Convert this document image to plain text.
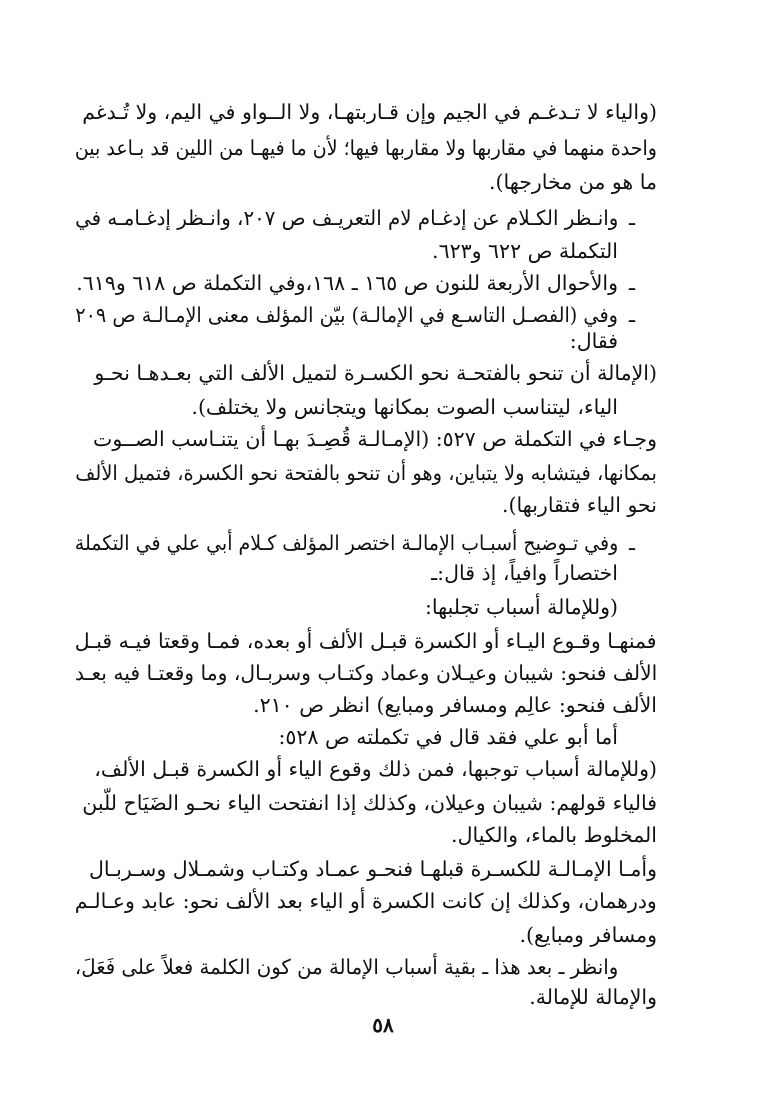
(والياء لا تـدغـم في الجيم وإن قـاربتهـا، ولا الــواو في اليم، ولا تُـدغم
واحدة منهما في مقاربها ولا مقاربها فيها؛ لأن ما فيهـا من اللين قد بـاعد بين
ما هو من مخارجها).
ـ
وانـظر الكـلام عن إدغـام لام التعريـف ص ٢٠٧، وانـظر إدغـامـه في
التكملة ص ٦٢٢ و٦٢٣.
ـ
والأحوال الأربعة للنون ص ١٦٥ ـ ١٦٨،وفي التكملة ص ٦١٨ و٦١٩.
ـ
وفي (الفصـل التاسـع في الإمالـة) بيّن المؤلف معنى الإمـالـة ص ٢٠٩
فقال:
(الإمالة أن تنحو بالفتحـة نحو الكسـرة لتميل الألف التي بعـدهـا نحـو
الياء، ليتناسب الصوت بمكانها ويتجانس ولا يختلف).
وجـاء في التكملة ص ٥٢٧: (الإمـالـة قُصِـدَ بهـا أن يتنـاسب الصــوت
بمكانها، فيتشابه ولا يتباين، وهو أن تنحو بالفتحة نحو الكسرة، فتميل الألف
نحو الياء فتقاربها).
ـ
وفي تـوضيح أسبـاب الإمالـة اختصر المؤلف كـلام أبي علي في التكملة
اختصاراً وافياً، إذ قال:ـ
(وللإمالة أسباب تجلبها:
فمنهـا وقـوع اليـاء أو الكسرة قبـل الألف أو بعده، فمـا وقعتا فيـه قبـل
الألف فنحو: شيبان وعيـلان وعماد وكتـاب وسربـال، وما وقعتـا فيه بعـد
الألف فنحو: عالِم ومسافر ومبايع) انظر ص ٢١٠.
أما أبو علي فقد قال في تكملته ص ٥٢٨:
(وللإمالة أسباب توجبها، فمن ذلك وقوع الياء أو الكسرة قبـل الألف،
فالياء قولهم: شيبان وعيلان، وكذلك إذا انفتحت الياء نحـو الضَيَاح للّبن
المخلوط بالماء، والكيال.
وأمـا الإمـالـة للكسـرة قبلهـا فنحـو عمـاد وكتـاب وشمـلال وسـربـال
ودرهمان، وكذلك إن كانت الكسرة أو الياء بعد الألف نحو: عابد وعـالـم
ومسافر ومبايع).
وانظر ـ بعد هذا ـ بقية أسباب الإمالة من كون الكلمة فعلاً على فَعَلَ،
والإمالة للإمالة.
٥٨
